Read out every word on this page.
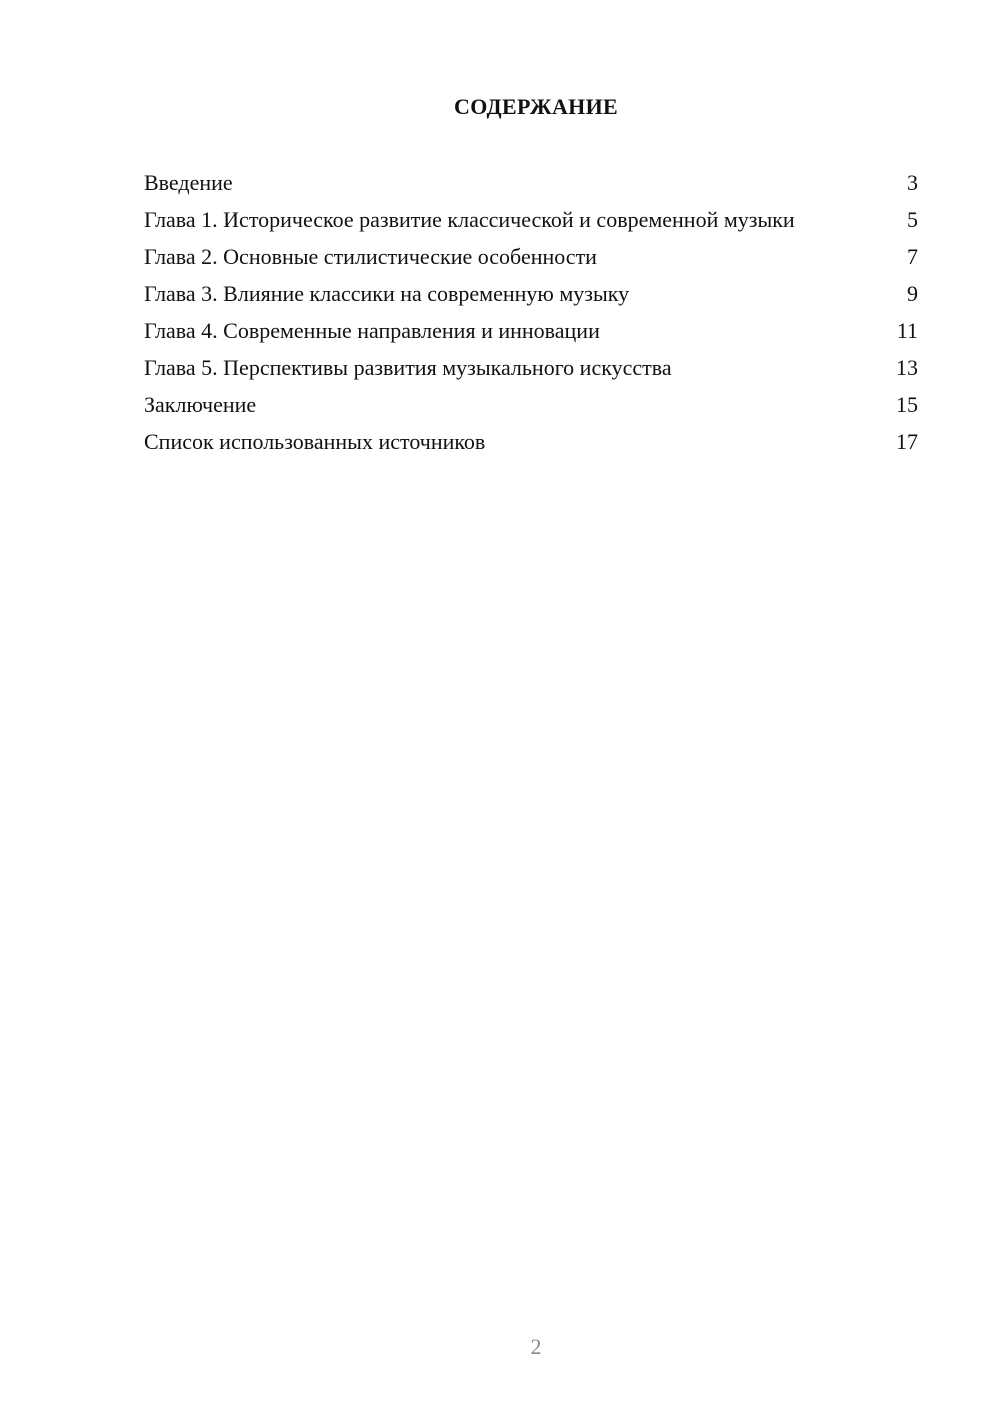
СОДЕРЖАНИЕ
Введение	3
Глава 1. Историческое развитие классической и современной музыки	5
Глава 2. Основные стилистические особенности	7
Глава 3. Влияние классики на современную музыку	9
Глава 4. Современные направления и инновации	11
Глава 5. Перспективы развития музыкального искусства	13
Заключение	15
Список использованных источников	17
2
